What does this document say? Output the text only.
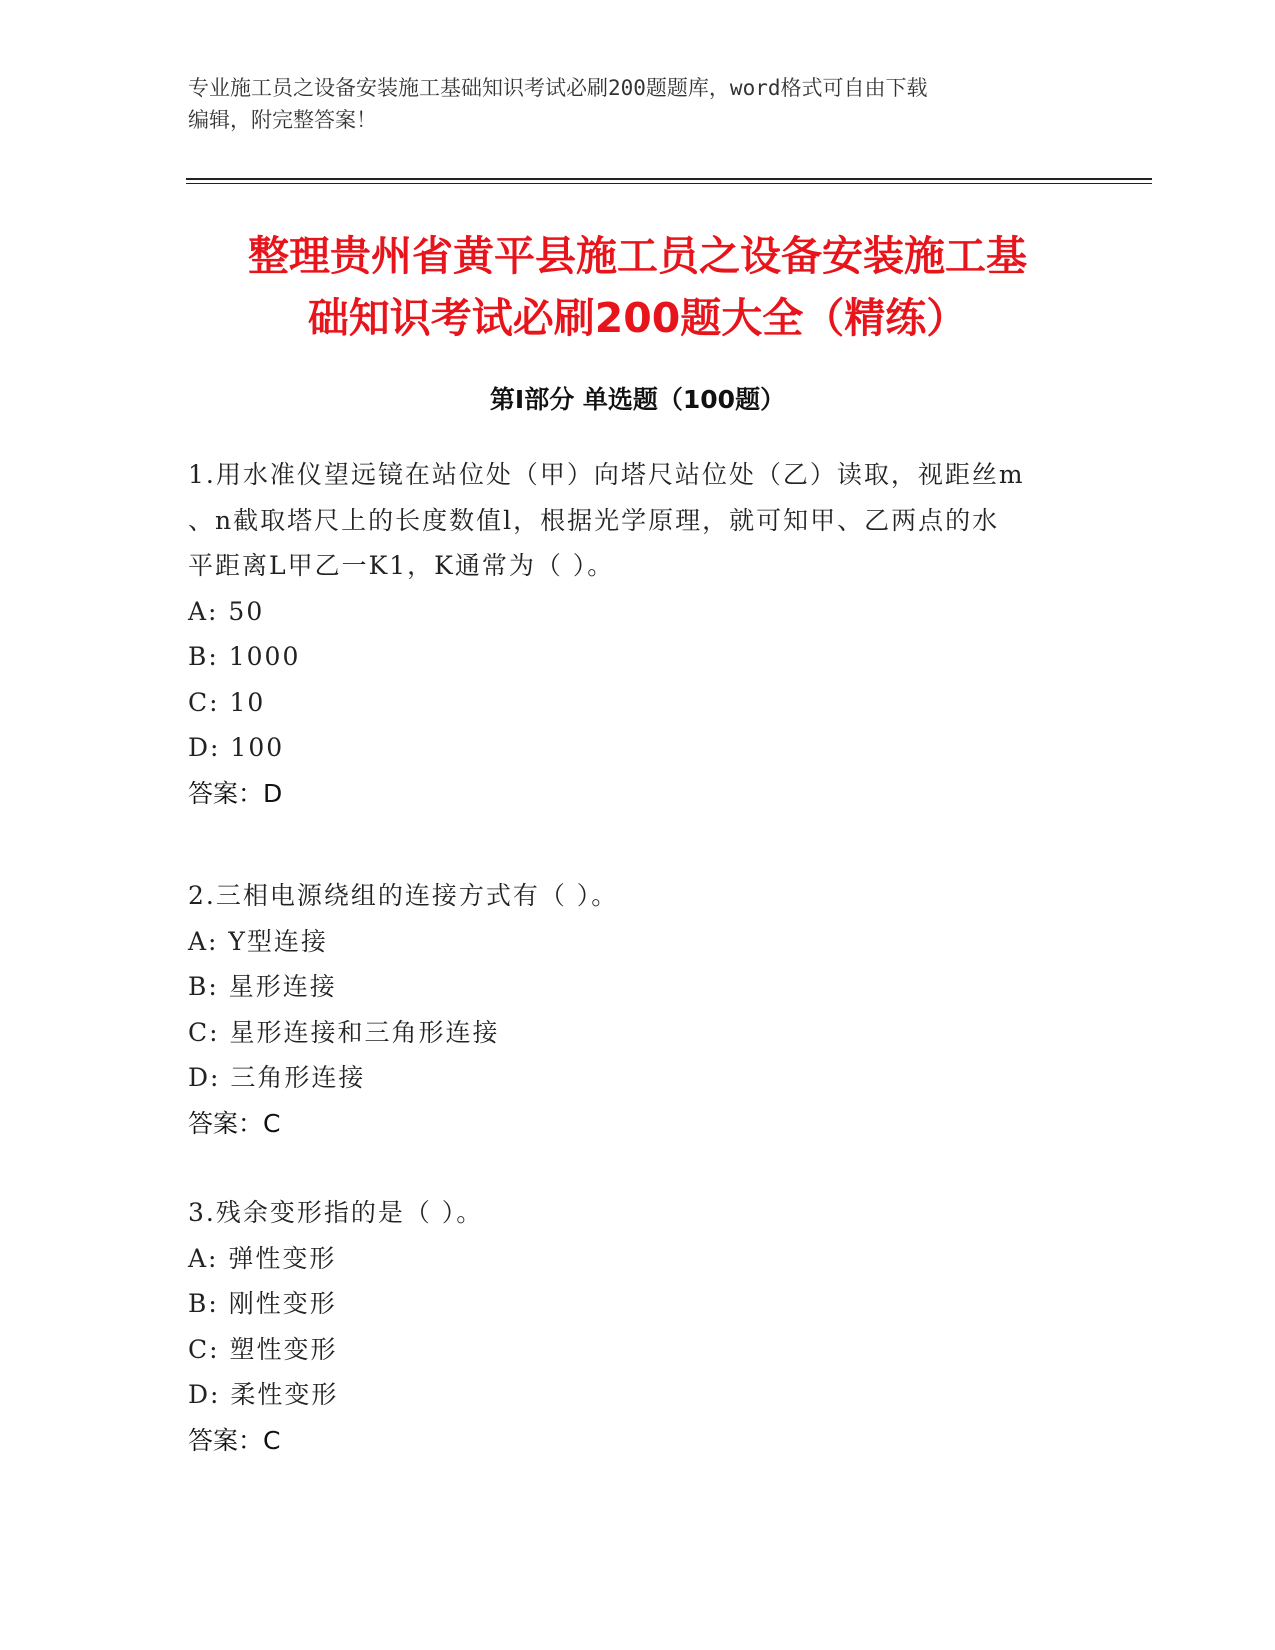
专业施工员之设备安装施工基础知识考试必刷200题题库，word格式可自由下载
编辑，附完整答案！
整理贵州省黄平县施工员之设备安装施工基
础知识考试必刷200题大全（精练）
第Ⅰ部分 单选题（100题）

1.用水准仪望远镜在站位处（甲）向塔尺站位处（乙）读取，视距丝m

、n截取塔尺上的长度数值l，根据光学原理，就可知甲、乙两点的水

平距离L甲乙一K1，K通常为（ ）。

A: 50

B: 1000

C: 10

D: 100

答案：D

2.三相电源绕组的连接方式有（ ）。

A: Y型连接

B: 星形连接

C: 星形连接和三角形连接

D: 三角形连接

答案：C

3.残余变形指的是（ ）。

A: 弹性变形

B: 刚性变形

C: 塑性变形

D: 柔性变形

答案：C
